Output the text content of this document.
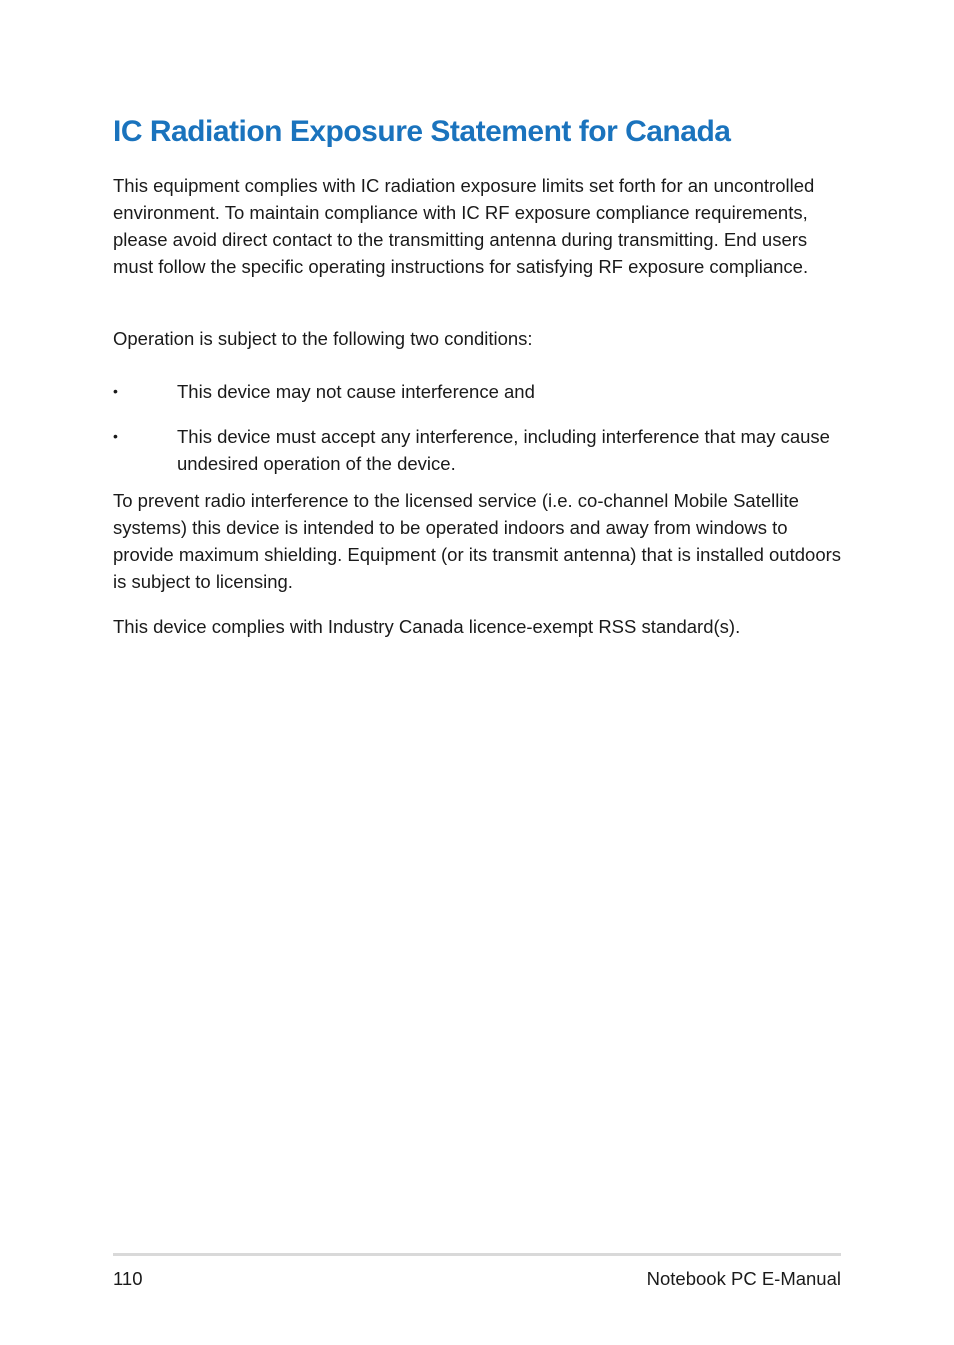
IC Radiation Exposure Statement for Canada

This equipment complies with IC radiation exposure limits set forth for an uncontrolled environment. To maintain compliance with IC RF exposure compliance requirements, please avoid direct contact to the transmitting antenna during transmitting. End users must follow the specific operating instructions for satisfying RF exposure compliance.

Operation is subject to the following two conditions:

•	This device may not cause interference and
•	This device must accept any interference, including interference that may cause undesired operation of the device.

To prevent radio interference to the licensed service (i.e. co-channel Mobile Satellite systems) this device is intended to be operated indoors and away from windows to provide maximum shielding. Equipment (or its transmit antenna) that is installed outdoors is subject to licensing.

This device complies with Industry Canada licence-exempt RSS standard(s).

110	Notebook PC E-Manual
